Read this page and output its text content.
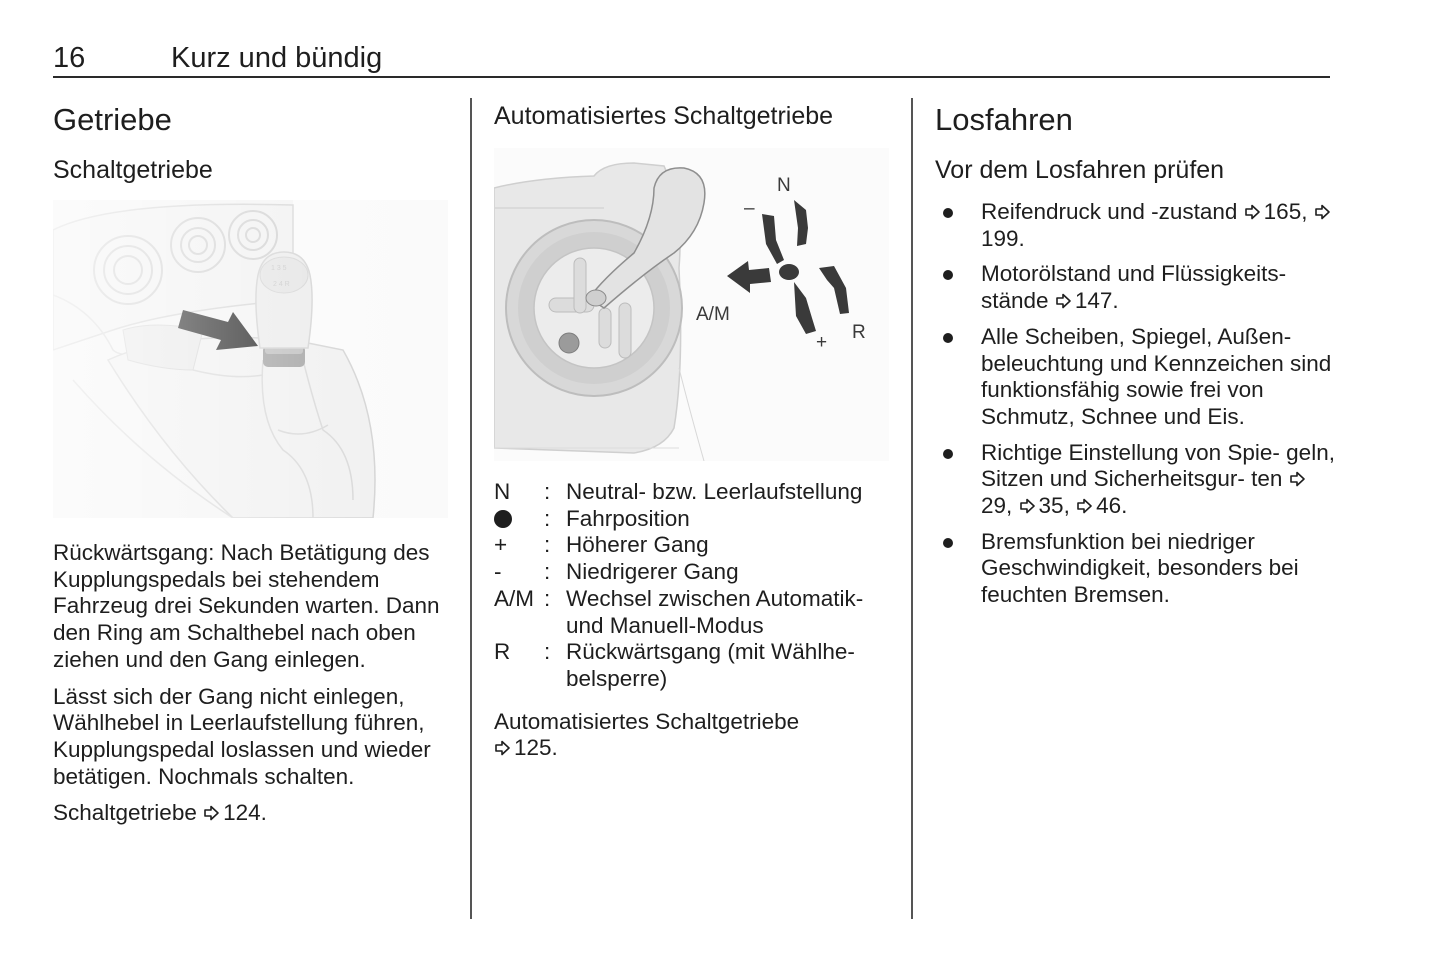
16	Kurz und bündig
Getriebe
Schaltgetriebe

Rückwärtsgang: Nach Betätigung des Kupplungspedals bei stehendem Fahrzeug drei Sekunden warten. Dann den Ring am Schalthebel nach oben ziehen und den Gang einlegen.

Lässt sich der Gang nicht einlegen, Wählhebel in Leerlaufstellung führen, Kupplungspedal loslassen und wieder betätigen. Nochmals schalten.

Schaltgetriebe 124.

Automatisiertes Schaltgetriebe
N
–
+ R
A/M
N	: Neutral- bzw. Leerlaufstellung
: Fahrposition
+	: Höherer Gang
-	: Niedrigerer Gang
A/M : Wechsel zwischen Automatik- und Manuell-Modus
R	: Rückwärtsgang (mit Wählhe- belsperre)

Automatisiertes Schaltgetriebe
125.

Losfahren
Vor dem Losfahren prüfen
Reifendruck und -zustand 165, 199.
Motorölstand und Flüssigkeits- stände 147.
Alle Scheiben, Spiegel, Außen- beleuchtung und Kennzeichen sind funktionsfähig sowie frei von Schmutz, Schnee und Eis.
Richtige Einstellung von Spie- geln, Sitzen und Sicherheitsgur- ten 29, 35, 46.
Bremsfunktion bei niedriger Geschwindigkeit, besonders bei feuchten Bremsen.
